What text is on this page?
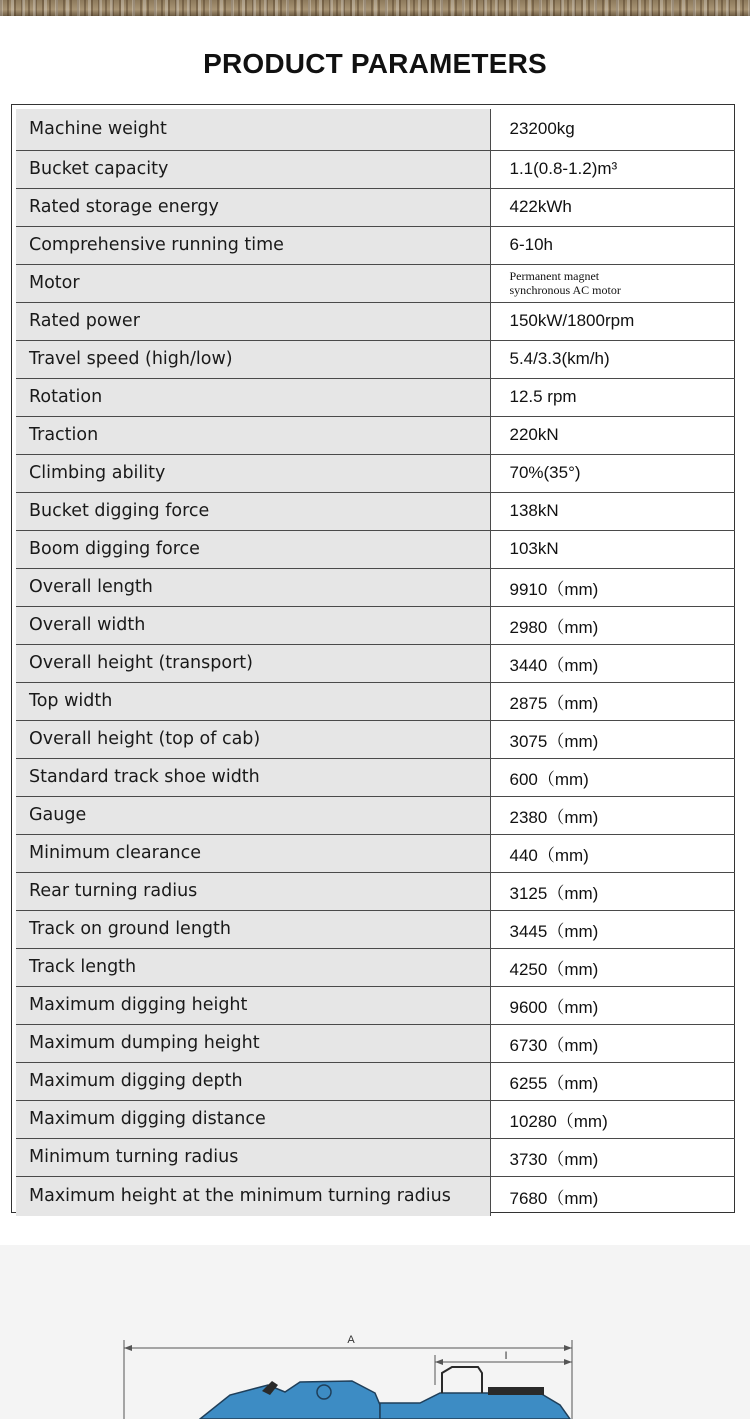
PRODUCT PARAMETERS
Machine weight	23200kg
Bucket capacity	1.1(0.8-1.2)m³
Rated storage energy	422kWh
Comprehensive running time	6-10h
Motor	Permanent magnet
synchronous AC motor
Rated power	150kW/1800rpm
Travel speed (high/low)	5.4/3.3(km/h)
Rotation	12.5 rpm
Traction	220kN
Climbing ability	70%(35°)
Bucket digging force	138kN
Boom digging force	103kN
Overall length	9910（mm)
Overall width	2980（mm)
Overall height (transport)	3440（mm)
Top width	2875（mm)
Overall height (top of cab)	3075（mm)
Standard track shoe width	600（mm)
Gauge	2380（mm)
Minimum clearance	440（mm)
Rear turning radius	3125（mm)
Track on ground length	3445（mm)
Track length	4250（mm)
Maximum digging height	9600（mm)
Maximum dumping height	6730（mm)
Maximum digging depth	6255（mm)
Maximum digging distance	10280（mm)
Minimum turning radius	3730（mm)
Maximum height at the minimum turning radius	7680（mm)
A
I
